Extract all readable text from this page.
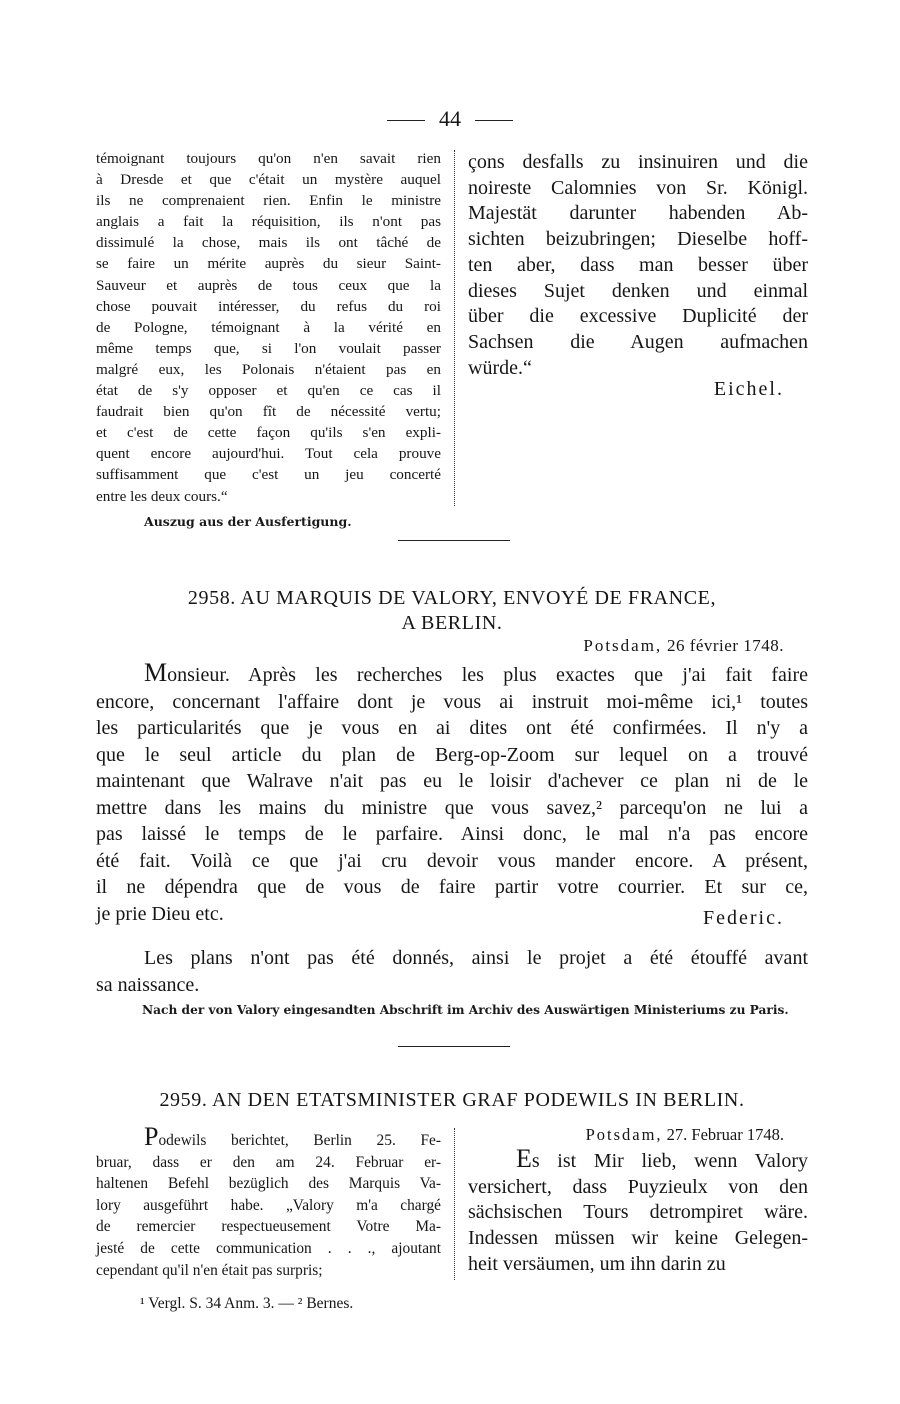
44

témoignant toujours qu'on n'en savait rien

à Dresde et que c'était un mystère auquel

ils ne comprenaient rien. Enfin le ministre

anglais a fait la réquisition, ils n'ont pas

dissimulé la chose, mais ils ont tâché de

se faire un mérite auprès du sieur Saint-

Sauveur et auprès de tous ceux que la

chose pouvait intéresser, du refus du roi

de Pologne, témoignant à la vérité en

même temps que, si l'on voulait passer

malgré eux, les Polonais n'étaient pas en

état de s'y opposer et qu'en ce cas il

faudrait bien qu'on fît de nécessité vertu;

et c'est de cette façon qu'ils s'en expli-

quent encore aujourd'hui. Tout cela prouve

suffisamment que c'est un jeu concerté

entre les deux cours.“

çons desfalls zu insinuiren und die

noireste Calomnies von Sr. Königl.

Majestät darunter habenden Ab-

sichten beizubringen; Dieselbe hoff-

ten aber, dass man besser über

dieses Sujet denken und einmal

über die excessive Duplicité der

Sachsen die Augen aufmachen

würde.“

Eichel.

Auszug aus der Ausfertigung.
2958. AU MARQUIS DE VALORY, ENVOYÉ DE FRANCE,
A BERLIN.
Potsdam, 26 février 1748.

Monsieur. Après les recherches les plus exactes que j'ai fait faire

encore, concernant l'affaire dont je vous ai instruit moi-même ici,¹ toutes

les particularités que je vous en ai dites ont été confirmées. Il n'y a

que le seul article du plan de Berg-op-Zoom sur lequel on a trouvé

maintenant que Walrave n'ait pas eu le loisir d'achever ce plan ni de le

mettre dans les mains du ministre que vous savez,² parcequ'on ne lui a

pas laissé le temps de le parfaire. Ainsi donc, le mal n'a pas encore

été fait. Voilà ce que j'ai cru devoir vous mander encore. A présent,

il ne dépendra que de vous de faire partir votre courrier. Et sur ce,

je prie Dieu etc.	Federic.

Les plans n'ont pas été donnés, ainsi le projet a été étouffé avant

sa naissance.

Nach der von Valory eingesandten Abschrift im Archiv des Auswärtigen Ministeriums zu Paris.
2959. AN DEN ETATSMINISTER GRAF PODEWILS IN BERLIN.

Podewils berichtet, Berlin 25. Fe-

bruar, dass er den am 24. Februar er-

haltenen Befehl bezüglich des Marquis Va-

lory ausgeführt habe. „Valory m'a chargé

de remercier respectueusement Votre Ma-

jesté de cette communication . . ., ajoutant

cependant qu'il n'en était pas surpris;

Potsdam, 27. Februar 1748.

Es ist Mir lieb, wenn Valory

versichert, dass Puyzieulx von den

sächsischen Tours detrompiret wäre.

Indessen müssen wir keine Gelegen-

heit versäumen, um ihn darin zu

¹ Vergl. S. 34 Anm. 3. — ² Bernes.
